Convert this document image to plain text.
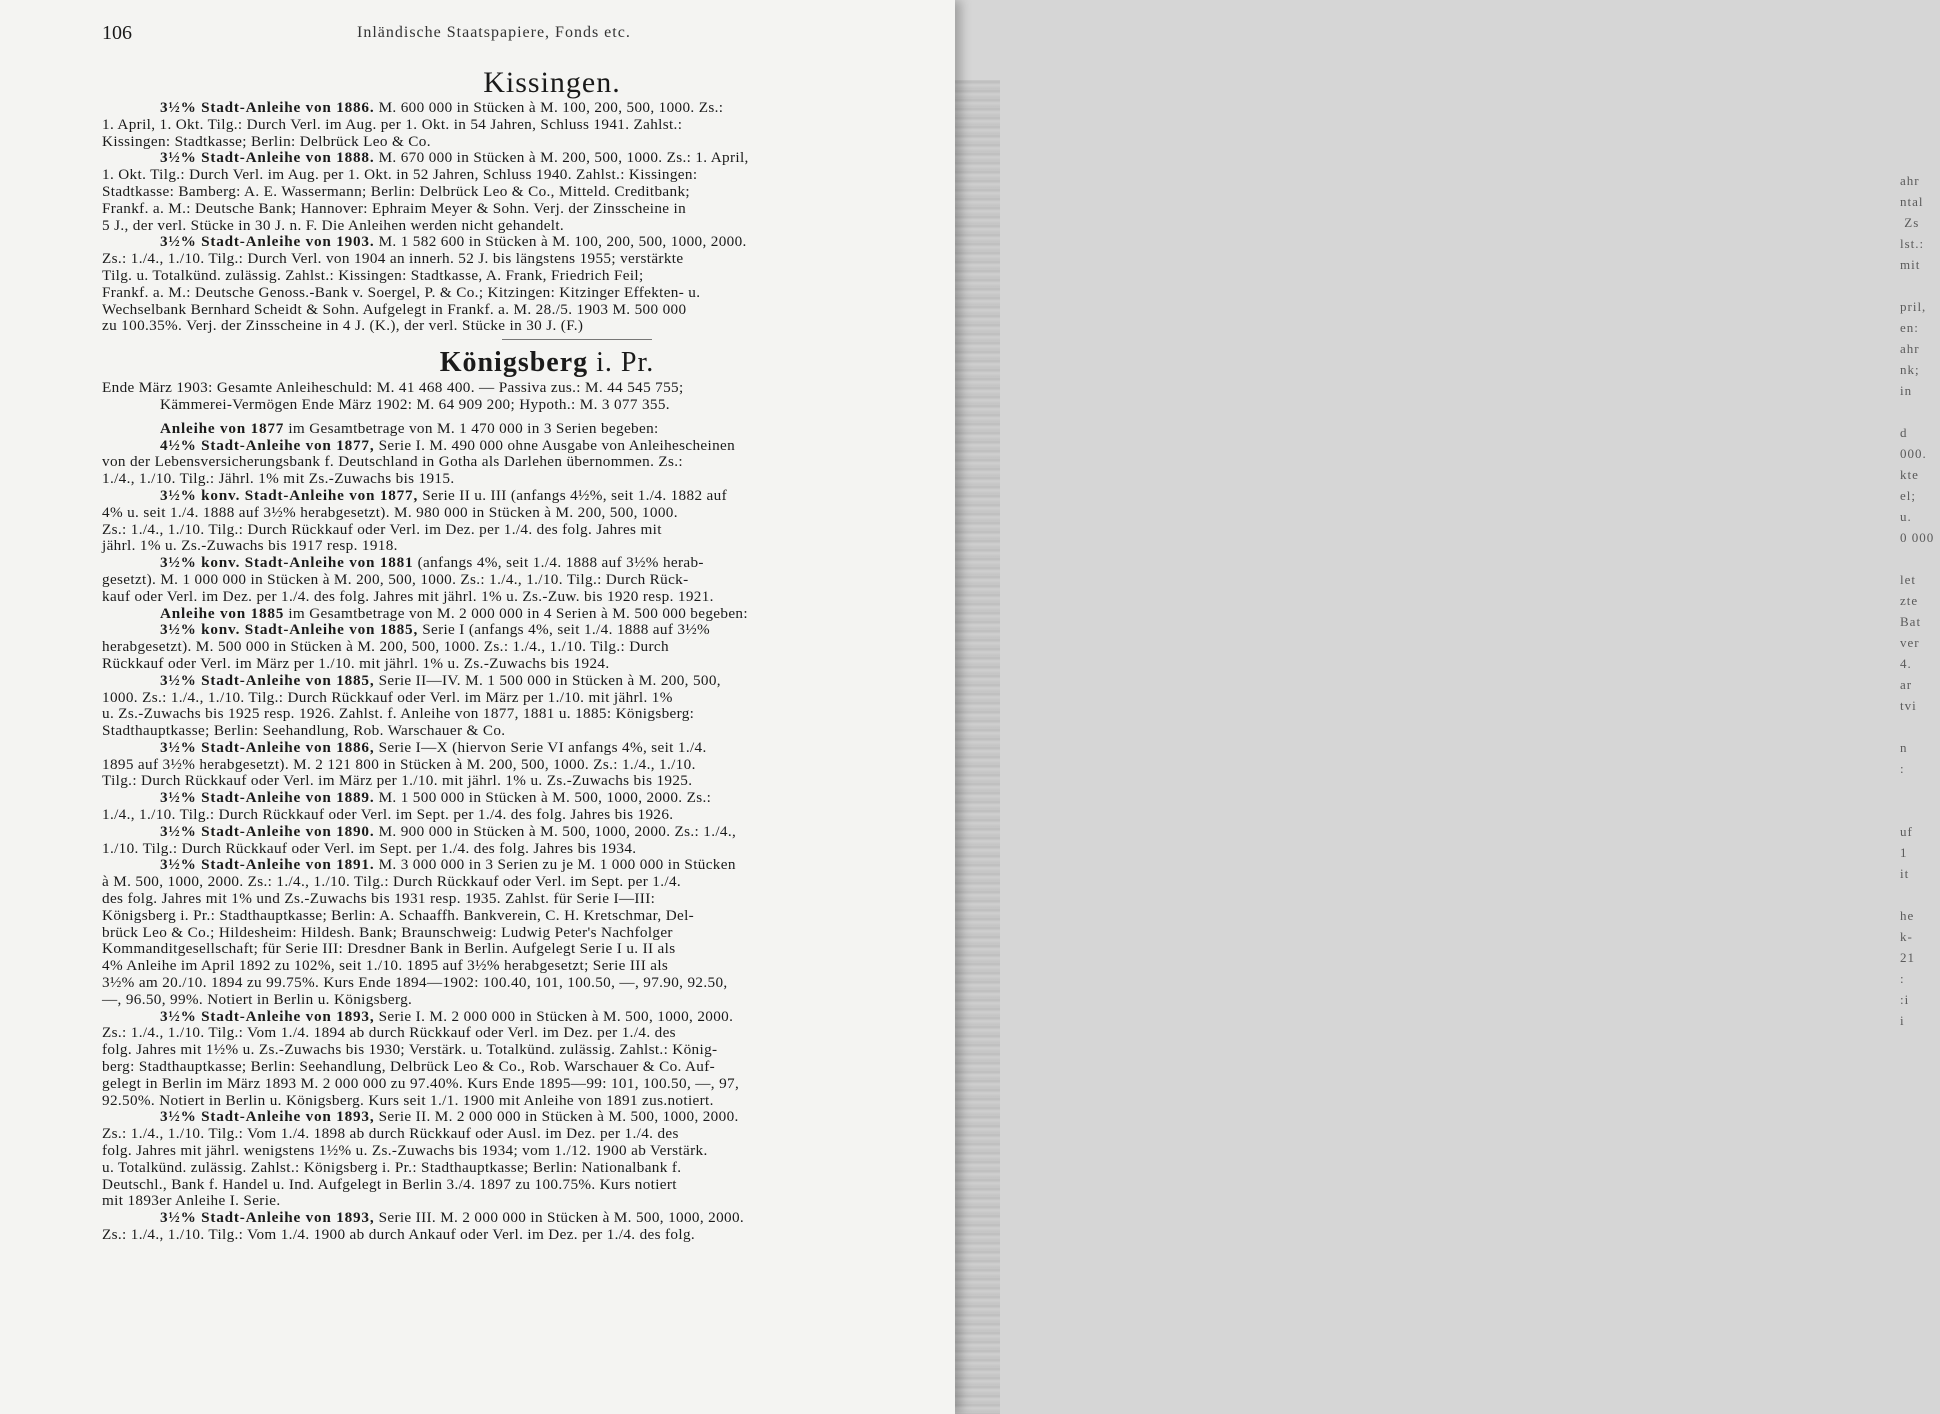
ahr
ntal
Zs
lst.:
mit

pril,
en:
ahr
nk;
in

d
000.
kte
el;
u.
0 000

let
zte
Bat
ver
4.
ar
tvi

n
:

uf
1
it

he
k-
21
:
:i
i

106	Inländische Staatspapiere, Fonds etc.
Kissingen.

3½% Stadt-Anleihe von 1886. M. 600 000 in Stücken à M. 100, 200, 500, 1000. Zs.:

1. April, 1. Okt. Tilg.: Durch Verl. im Aug. per 1. Okt. in 54 Jahren, Schluss 1941. Zahlst.:

Kissingen: Stadtkasse; Berlin: Delbrück Leo & Co.

3½% Stadt-Anleihe von 1888. M. 670 000 in Stücken à M. 200, 500, 1000. Zs.: 1. April,

1. Okt. Tilg.: Durch Verl. im Aug. per 1. Okt. in 52 Jahren, Schluss 1940. Zahlst.: Kissingen:

Stadtkasse: Bamberg: A. E. Wassermann; Berlin: Delbrück Leo & Co., Mitteld. Creditbank;

Frankf. a. M.: Deutsche Bank; Hannover: Ephraim Meyer & Sohn. Verj. der Zinsscheine in

5 J., der verl. Stücke in 30 J. n. F. Die Anleihen werden nicht gehandelt.

3½% Stadt-Anleihe von 1903. M. 1 582 600 in Stücken à M. 100, 200, 500, 1000, 2000.

Zs.: 1./4., 1./10. Tilg.: Durch Verl. von 1904 an innerh. 52 J. bis längstens 1955; verstärkte

Tilg. u. Totalkünd. zulässig. Zahlst.: Kissingen: Stadtkasse, A. Frank, Friedrich Feil;

Frankf. a. M.: Deutsche Genoss.-Bank v. Soergel, P. & Co.; Kitzingen: Kitzinger Effekten- u.

Wechselbank Bernhard Scheidt & Sohn. Aufgelegt in Frankf. a. M. 28./5. 1903 M. 500 000

zu 100.35%. Verj. der Zinsscheine in 4 J. (K.), der verl. Stücke in 30 J. (F.)

Königsberg i. Pr.

Ende März 1903: Gesamte Anleiheschuld: M. 41 468 400. — Passiva zus.: M. 44 545 755;

Kämmerei-Vermögen Ende März 1902: M. 64 909 200; Hypoth.: M. 3 077 355.

Anleihe von 1877 im Gesamtbetrage von M. 1 470 000 in 3 Serien begeben:

4½% Stadt-Anleihe von 1877, Serie I. M. 490 000 ohne Ausgabe von Anleihescheinen

von der Lebensversicherungsbank f. Deutschland in Gotha als Darlehen übernommen. Zs.:

1./4., 1./10. Tilg.: Jährl. 1% mit Zs.-Zuwachs bis 1915.

3½% konv. Stadt-Anleihe von 1877, Serie II u. III (anfangs 4½%, seit 1./4. 1882 auf

4% u. seit 1./4. 1888 auf 3½% herabgesetzt). M. 980 000 in Stücken à M. 200, 500, 1000.

Zs.: 1./4., 1./10. Tilg.: Durch Rückkauf oder Verl. im Dez. per 1./4. des folg. Jahres mit

jährl. 1% u. Zs.-Zuwachs bis 1917 resp. 1918.

3½% konv. Stadt-Anleihe von 1881 (anfangs 4%, seit 1./4. 1888 auf 3½% herab-

gesetzt). M. 1 000 000 in Stücken à M. 200, 500, 1000. Zs.: 1./4., 1./10. Tilg.: Durch Rück-

kauf oder Verl. im Dez. per 1./4. des folg. Jahres mit jährl. 1% u. Zs.-Zuw. bis 1920 resp. 1921.

Anleihe von 1885 im Gesamtbetrage von M. 2 000 000 in 4 Serien à M. 500 000 begeben:

3½% konv. Stadt-Anleihe von 1885, Serie I (anfangs 4%, seit 1./4. 1888 auf 3½%

herabgesetzt). M. 500 000 in Stücken à M. 200, 500, 1000. Zs.: 1./4., 1./10. Tilg.: Durch

Rückkauf oder Verl. im März per 1./10. mit jährl. 1% u. Zs.-Zuwachs bis 1924.

3½% Stadt-Anleihe von 1885, Serie II—IV. M. 1 500 000 in Stücken à M. 200, 500,

1000. Zs.: 1./4., 1./10. Tilg.: Durch Rückkauf oder Verl. im März per 1./10. mit jährl. 1%

u. Zs.-Zuwachs bis 1925 resp. 1926. Zahlst. f. Anleihe von 1877, 1881 u. 1885: Königsberg:

Stadthauptkasse; Berlin: Seehandlung, Rob. Warschauer & Co.

3½% Stadt-Anleihe von 1886, Serie I—X (hiervon Serie VI anfangs 4%, seit 1./4.

1895 auf 3½% herabgesetzt). M. 2 121 800 in Stücken à M. 200, 500, 1000. Zs.: 1./4., 1./10.

Tilg.: Durch Rückkauf oder Verl. im März per 1./10. mit jährl. 1% u. Zs.-Zuwachs bis 1925.

3½% Stadt-Anleihe von 1889. M. 1 500 000 in Stücken à M. 500, 1000, 2000. Zs.:

1./4., 1./10. Tilg.: Durch Rückkauf oder Verl. im Sept. per 1./4. des folg. Jahres bis 1926.

3½% Stadt-Anleihe von 1890. M. 900 000 in Stücken à M. 500, 1000, 2000. Zs.: 1./4.,

1./10. Tilg.: Durch Rückkauf oder Verl. im Sept. per 1./4. des folg. Jahres bis 1934.

3½% Stadt-Anleihe von 1891. M. 3 000 000 in 3 Serien zu je M. 1 000 000 in Stücken

à M. 500, 1000, 2000. Zs.: 1./4., 1./10. Tilg.: Durch Rückkauf oder Verl. im Sept. per 1./4.

des folg. Jahres mit 1% und Zs.-Zuwachs bis 1931 resp. 1935. Zahlst. für Serie I—III:

Königsberg i. Pr.: Stadthauptkasse; Berlin: A. Schaaffh. Bankverein, C. H. Kretschmar, Del-

brück Leo & Co.; Hildesheim: Hildesh. Bank; Braunschweig: Ludwig Peter's Nachfolger

Kommanditgesellschaft; für Serie III: Dresdner Bank in Berlin. Aufgelegt Serie I u. II als

4% Anleihe im April 1892 zu 102%, seit 1./10. 1895 auf 3½% herabgesetzt; Serie III als

3½% am 20./10. 1894 zu 99.75%. Kurs Ende 1894—1902: 100.40, 101, 100.50, —, 97.90, 92.50,

—, 96.50, 99%. Notiert in Berlin u. Königsberg.

3½% Stadt-Anleihe von 1893, Serie I. M. 2 000 000 in Stücken à M. 500, 1000, 2000.

Zs.: 1./4., 1./10. Tilg.: Vom 1./4. 1894 ab durch Rückkauf oder Verl. im Dez. per 1./4. des

folg. Jahres mit 1½% u. Zs.-Zuwachs bis 1930; Verstärk. u. Totalkünd. zulässig. Zahlst.: König-

berg: Stadthauptkasse; Berlin: Seehandlung, Delbrück Leo & Co., Rob. Warschauer & Co. Auf-

gelegt in Berlin im März 1893 M. 2 000 000 zu 97.40%. Kurs Ende 1895—99: 101, 100.50, —, 97,

92.50%. Notiert in Berlin u. Königsberg. Kurs seit 1./1. 1900 mit Anleihe von 1891 zus.notiert.

3½% Stadt-Anleihe von 1893, Serie II. M. 2 000 000 in Stücken à M. 500, 1000, 2000.

Zs.: 1./4., 1./10. Tilg.: Vom 1./4. 1898 ab durch Rückkauf oder Ausl. im Dez. per 1./4. des

folg. Jahres mit jährl. wenigstens 1½% u. Zs.-Zuwachs bis 1934; vom 1./12. 1900 ab Verstärk.

u. Totalkünd. zulässig. Zahlst.: Königsberg i. Pr.: Stadthauptkasse; Berlin: Nationalbank f.

Deutschl., Bank f. Handel u. Ind. Aufgelegt in Berlin 3./4. 1897 zu 100.75%. Kurs notiert

mit 1893er Anleihe I. Serie.

3½% Stadt-Anleihe von 1893, Serie III. M. 2 000 000 in Stücken à M. 500, 1000, 2000.

Zs.: 1./4., 1./10. Tilg.: Vom 1./4. 1900 ab durch Ankauf oder Verl. im Dez. per 1./4. des folg.
